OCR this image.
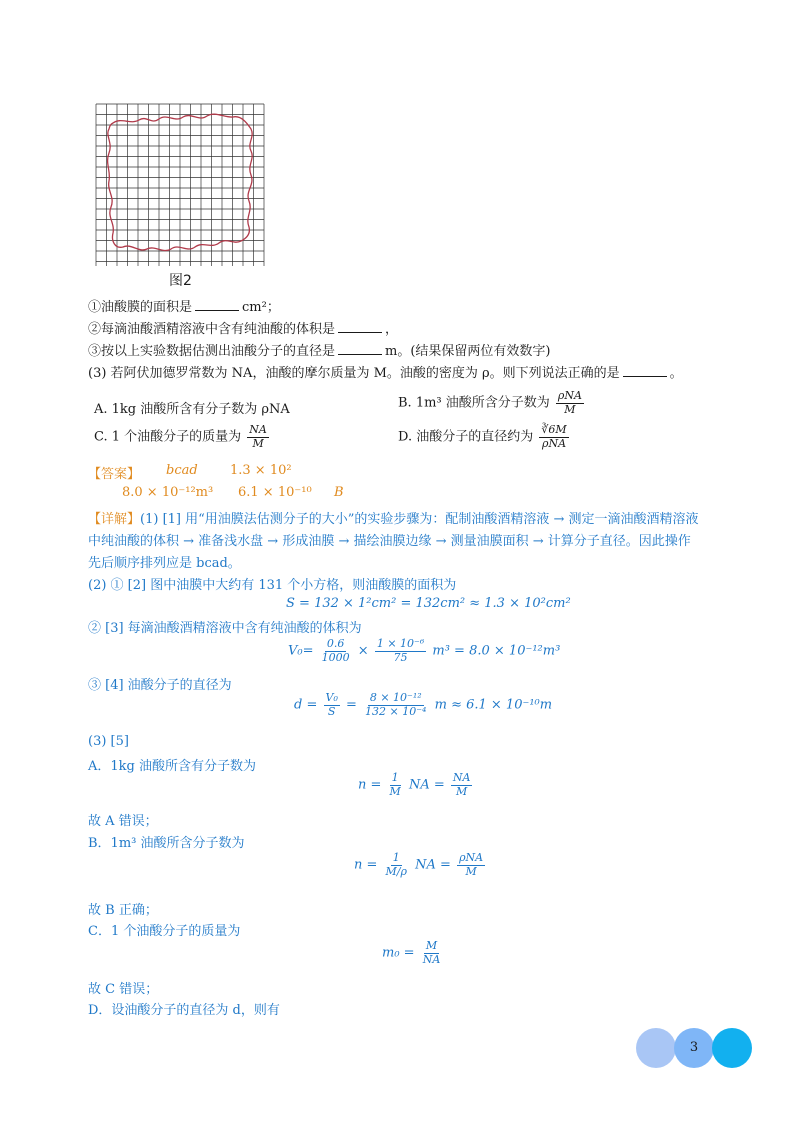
图2
①油酸膜的面积是	cm²；
②每滴油酸酒精溶液中含有纯油酸的体积是	，
③按以上实验数据估测出油酸分子的直径是	m。(结果保留两位有效数字)
(3) 若阿伏加德罗常数为 NA，油酸的摩尔质量为 M。油酸的密度为 ρ。则下列说法正确的是	。
A. 1kg 油酸所含有分子数为 ρNA	B. 1m³ 油酸所含分子数为 $\frac{\text{ρNA}}{M}$
C. 1 个油酸分子的质量为 $\frac{NA}{M}$	D. 油酸分子的直径约为 $\frac{∛6M}{\text{ρNA}}$
【答案】 bcad 1.3 × 10²
8.0 × 10⁻¹²m³ 6.1 × 10⁻¹⁰ B
【详解】(1) [1] 用“用油膜法估测分子的大小”的实验步骤为：配制油酸酒精溶液 → 测定一滴油酸酒精溶液
中纯油酸的体积 → 准备浅水盘 → 形成油膜 → 描绘油膜边缘 → 测量油膜面积 → 计算分子直径。因此操作
先后顺序排列应是 bcad。
(2) ① [2] 图中油膜中大约有 131 个小方格，则油酸膜的面积为
S = 132 × 1²cm² = 132cm² ≈ 1.3 × 10²cm²
② [3] 每滴油酸酒精溶液中含有纯油酸的体积为
$V_0= \frac{0.6}{1000} \times \frac{\text{1 × 10⁻⁶}}{75} m^3 = 8.0 \times 10^{-12}m^3$
③ [4] 油酸分子的直径为
$d = \frac{\text{V₀}}{S} = \frac{\text{8 × 10⁻¹²}}{\text{132 × 10⁻⁴}}$ m ≈ 6.1 × 10⁻¹⁰m
(3) [5]
A．1kg 油酸所含有分子数为
$n = \frac{1}{M}$ NA = $\frac{NA}{M}$
故 A 错误；
B．1m³ 油酸所含分子数为
$n = \frac{1}{M/\rho}$ NA = $\frac{\text{ρNA}}{M}$
故 B 正确；
C．1 个油酸分子的质量为
$m_0 = \frac{M}{NA}$
故 C 错误；
D．设油酸分子的直径为 d，则有
3
